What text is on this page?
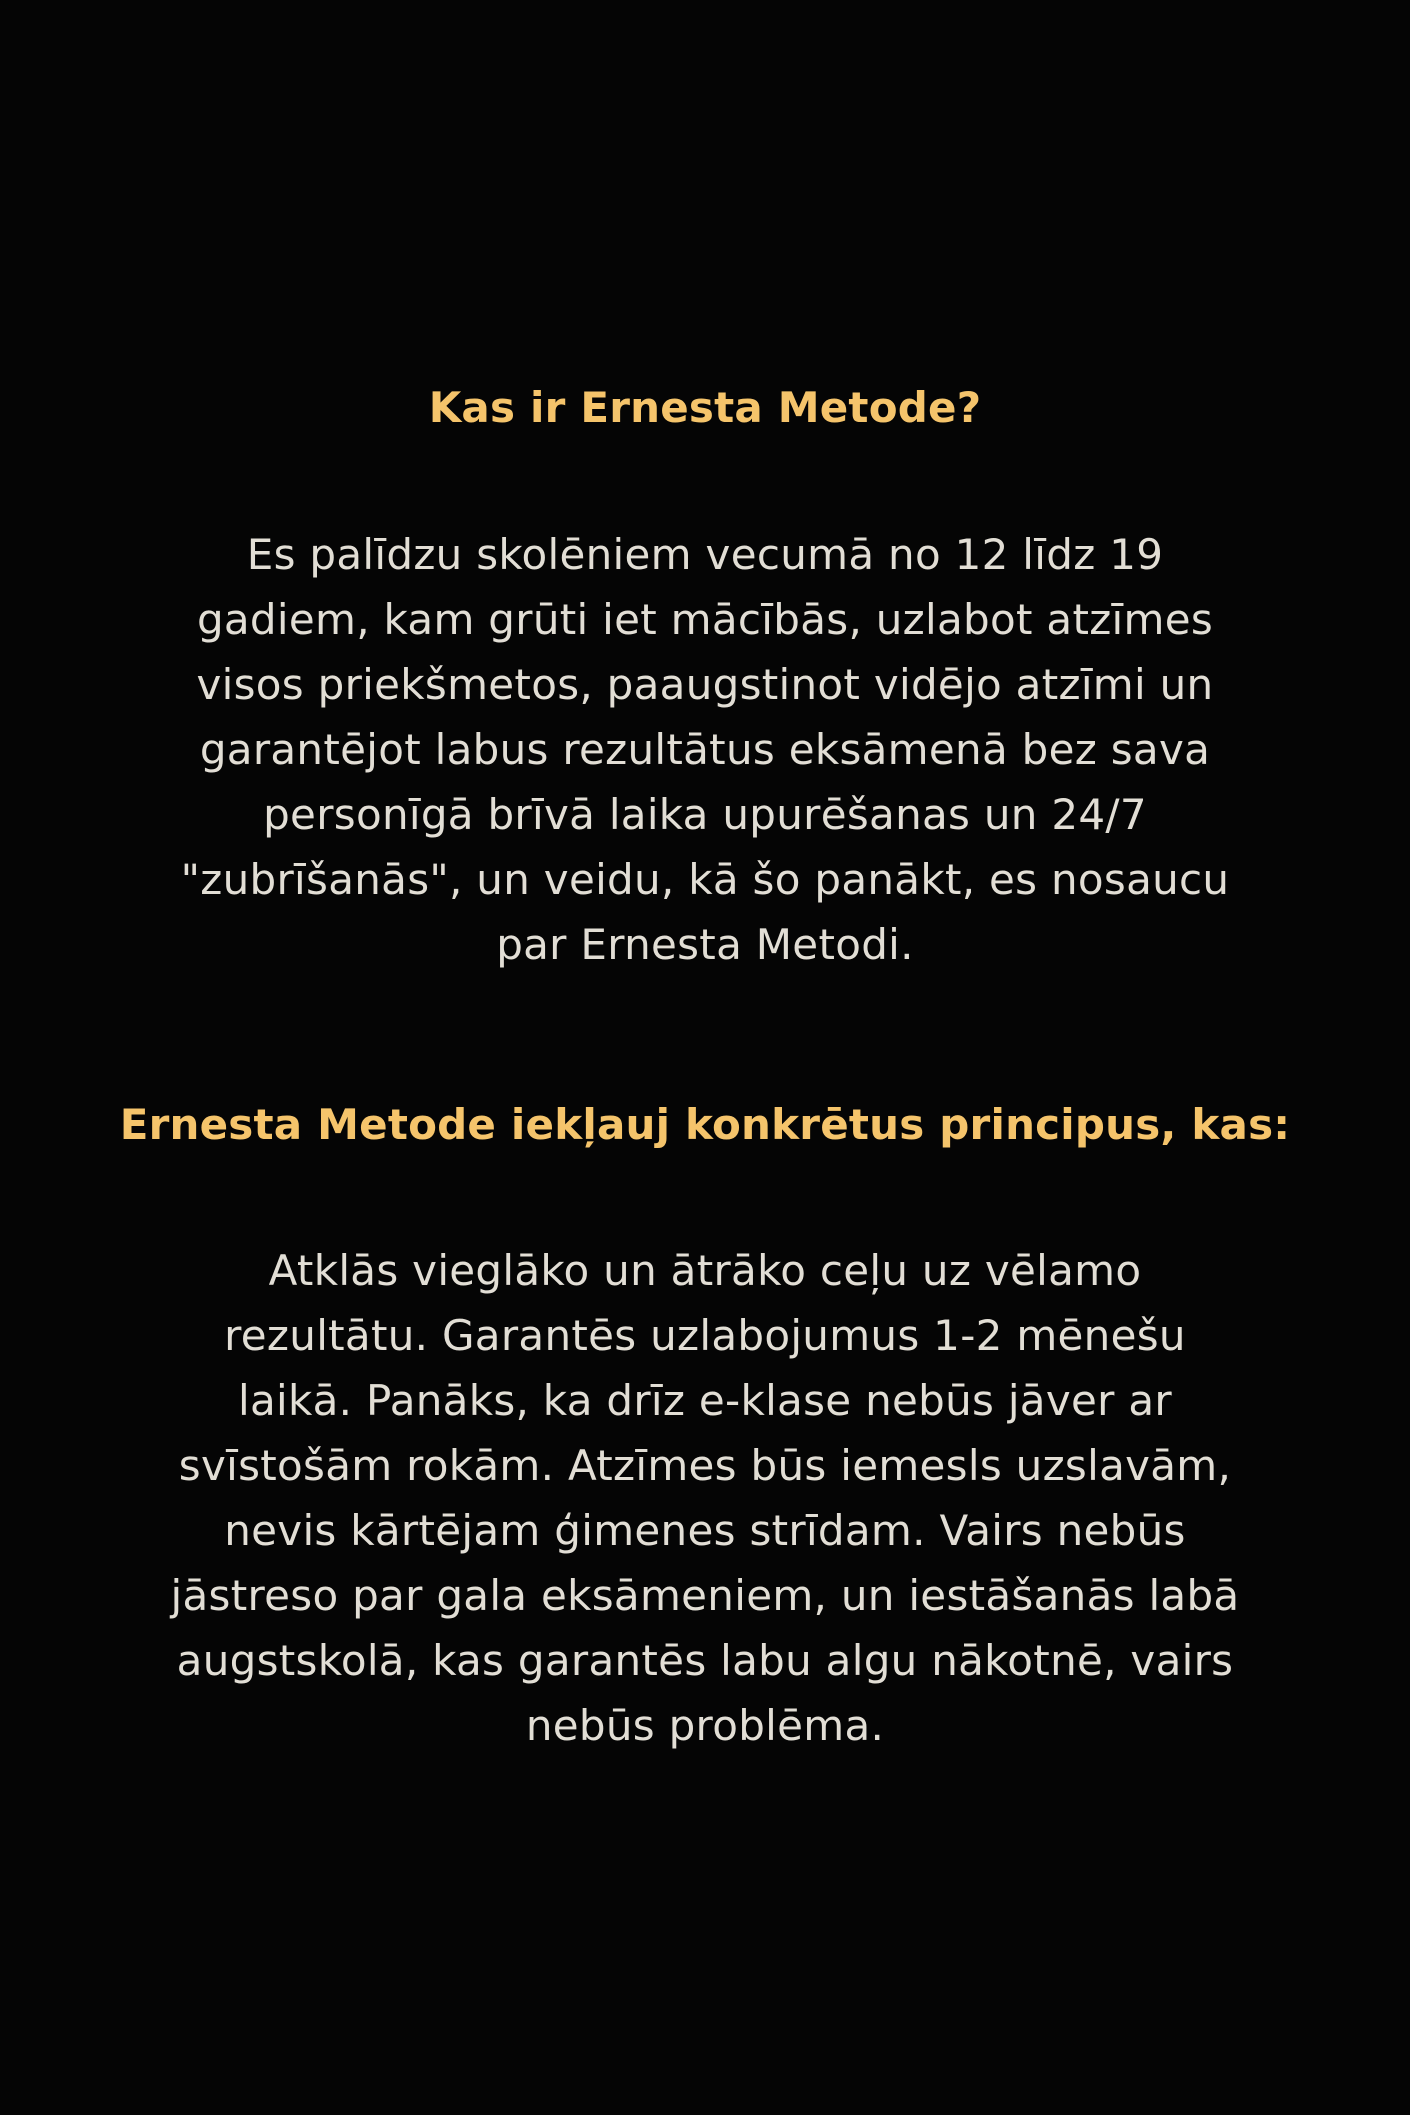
Kas ir Ernesta Metode?

Es palīdzu skolēniem vecumā no 12 līdz 19

gadiem, kam grūti iet mācībās, uzlabot atzīmes

visos priekšmetos, paaugstinot vidējo atzīmi un

garantējot labus rezultātus eksāmenā bez sava

personīgā brīvā laika upurēšanas un 24/7

"zubrīšanās", un veidu, kā šo panākt, es nosaucu

par Ernesta Metodi.

Ernesta Metode iekļauj konkrētus principus, kas:

Atklās vieglāko un ātrāko ceļu uz vēlamo

rezultātu. Garantēs uzlabojumus 1-2 mēnešu

laikā. Panāks, ka drīz e-klase nebūs jāver ar

svīstošām rokām. Atzīmes būs iemesls uzslavām,

nevis kārtējam ģimenes strīdam. Vairs nebūs

jāstreso par gala eksāmeniem, un iestāšanās labā

augstskolā, kas garantēs labu algu nākotnē, vairs

nebūs problēma.
